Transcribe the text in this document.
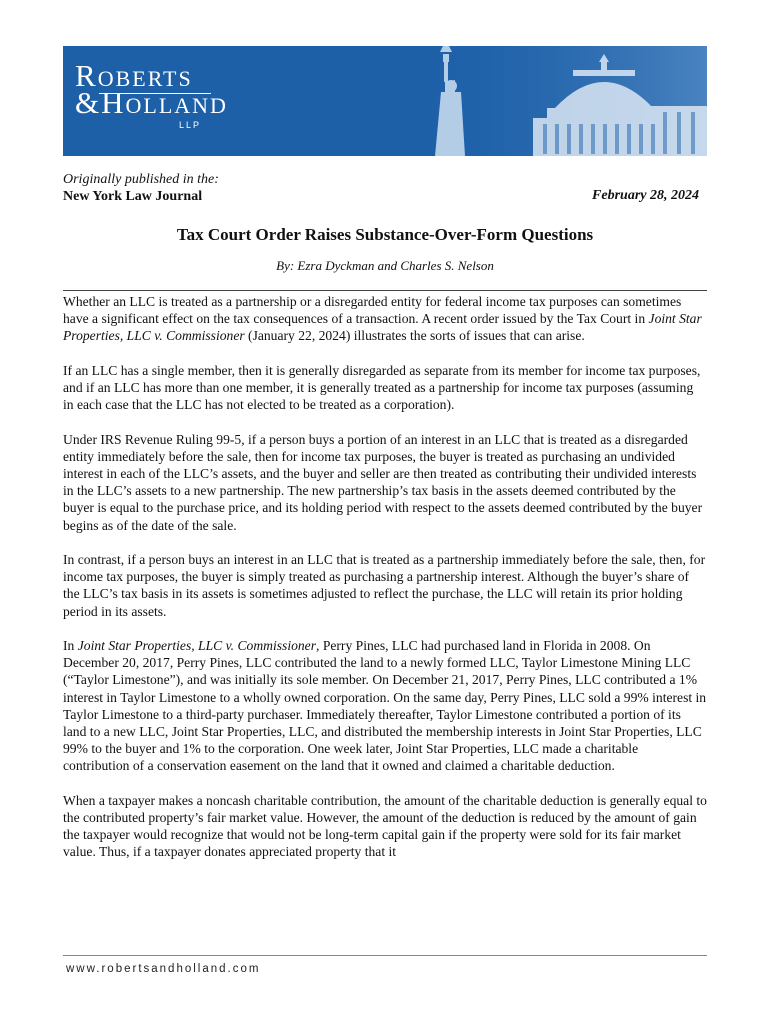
ROBERTS
&HOLLAND
LLP
Originally published in the:
New York Law Journal	February 28, 2024
Tax Court Order Raises Substance-Over-Form Questions
By: Ezra Dyckman and Charles S. Nelson

Whether an LLC is treated as a partnership or a disregarded entity for federal income tax purposes can sometimes have a significant effect on the tax consequences of a transaction. A recent order issued by the Tax Court in Joint Star Properties, LLC v. Commissioner (January 22, 2024) illustrates the sorts of issues that can arise.

If an LLC has a single member, then it is generally disregarded as separate from its member for income tax purposes, and if an LLC has more than one member, it is generally treated as a partnership for income tax purposes (assuming in each case that the LLC has not elected to be treated as a corporation).

Under IRS Revenue Ruling 99-5, if a person buys a portion of an interest in an LLC that is treated as a disregarded entity immediately before the sale, then for income tax purposes, the buyer is treated as purchasing an undivided interest in each of the LLC’s assets, and the buyer and seller are then treated as contributing their undivided interests in the LLC’s assets to a new partnership. The new partnership’s tax basis in the assets deemed contributed by the buyer is equal to the purchase price, and its holding period with respect to the assets deemed contributed by the buyer begins as of the date of the sale.

In contrast, if a person buys an interest in an LLC that is treated as a partnership immediately before the sale, then, for income tax purposes, the buyer is simply treated as purchasing a partnership interest. Although the buyer’s share of the LLC’s tax basis in its assets is sometimes adjusted to reflect the purchase, the LLC will retain its prior holding period in its assets.

In Joint Star Properties, LLC v. Commissioner, Perry Pines, LLC had purchased land in Florida in 2008. On December 20, 2017, Perry Pines, LLC contributed the land to a newly formed LLC, Taylor Limestone Mining LLC (“Taylor Limestone”), and was initially its sole member. On December 21, 2017, Perry Pines, LLC contributed a 1% interest in Taylor Limestone to a wholly owned corporation. On the same day, Perry Pines, LLC sold a 99% interest in Taylor Limestone to a third-party purchaser. Immediately thereafter, Taylor Limestone contributed a portion of its land to a new LLC, Joint Star Properties, LLC, and distributed the membership interests in Joint Star Properties, LLC 99% to the buyer and 1% to the corporation. One week later, Joint Star Properties, LLC made a charitable contribution of a conservation easement on the land that it owned and claimed a charitable deduction.

When a taxpayer makes a noncash charitable contribution, the amount of the charitable deduction is generally equal to the contributed property’s fair market value. However, the amount of the deduction is reduced by the amount of gain the taxpayer would recognize that would not be long-term capital gain if the property were sold for its fair market value. Thus, if a taxpayer donates appreciated property that it

www.robertsandholland.com
